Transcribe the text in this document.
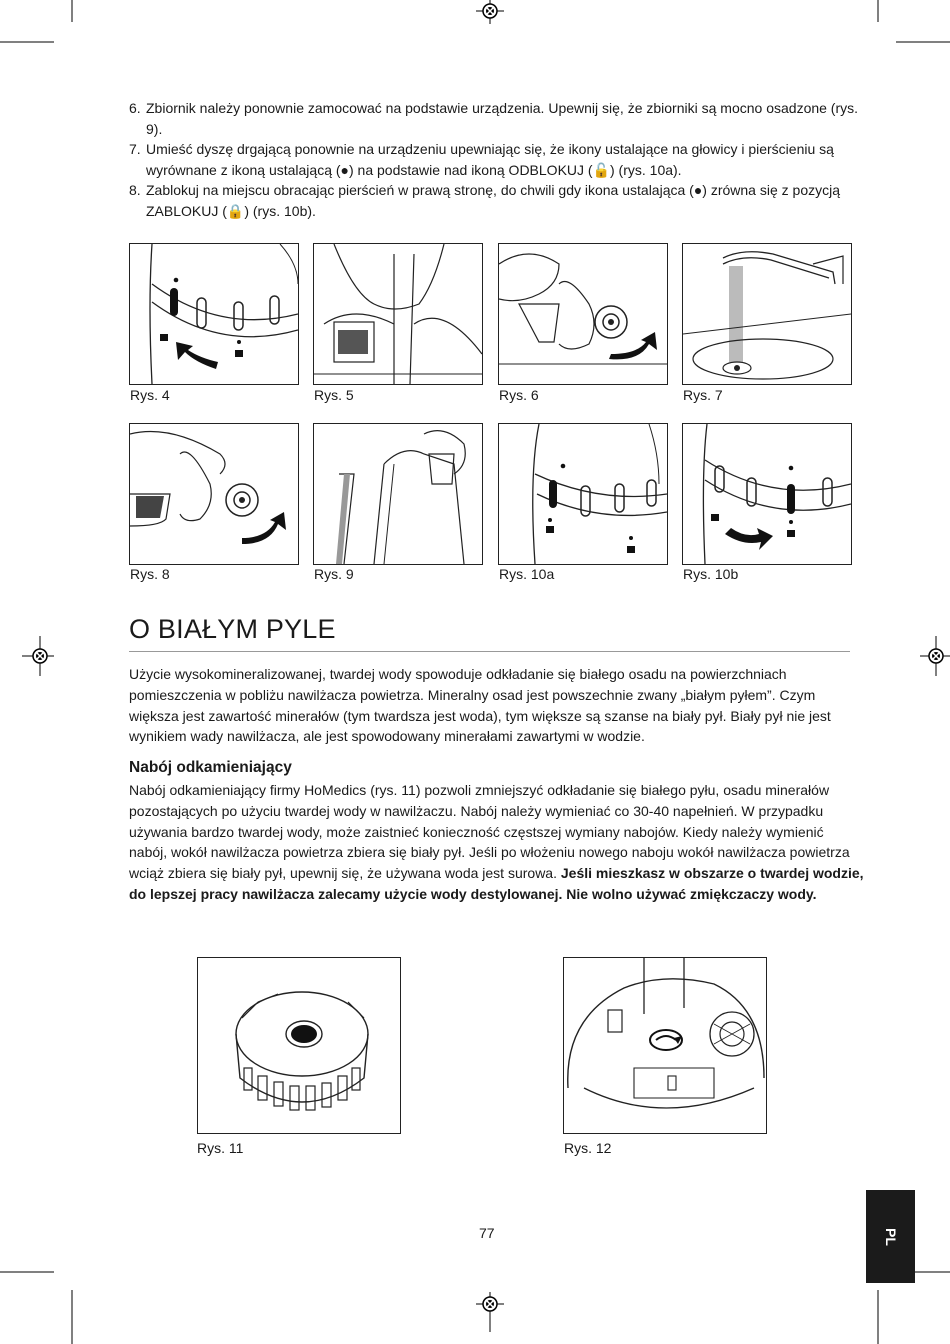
6. Zbiornik należy ponownie zamocować na podstawie urządzenia. Upewnij się, że zbiorniki są mocno osadzone (rys. 9).
7. Umieść dyszę drgającą ponownie na urządzeniu upewniając się, że ikony ustalające na głowicy i pierścieniu są wyrównane z ikoną ustalającą (●) na podstawie nad ikoną ODBLOKUJ (🔓) (rys. 10a).
8. Zablokuj na miejscu obracając pierścień w prawą stronę, do chwili gdy ikona ustalająca (●) zrówna się z pozycją ZABLOKUJ (🔒) (rys. 10b).
Rys. 4	Rys. 5	Rys. 6	Rys. 7
Rys. 8	Rys. 9	Rys. 10a	Rys. 10b
O BIAŁYM PYLE

Użycie wysokomineralizowanej, twardej wody spowoduje odkładanie się białego osadu na powierzchniach pomieszczenia w pobliżu nawilżacza powietrza. Mineralny osad jest powszechnie zwany „białym pyłem”. Czym większa jest zawartość minerałów (tym twardsza jest woda), tym większe są szanse na biały pył. Biały pył nie jest wynikiem wady nawilżacza, ale jest spowodowany minerałami zawartymi w wodzie.

Nabój odkamieniający

Nabój odkamieniający firmy HoMedics (rys. 11) pozwoli zmniejszyć odkładanie się białego pyłu, osadu minerałów pozostających po użyciu twardej wody w nawilżaczu. Nabój należy wymieniać co 30-40 napełnień. W przypadku używania bardzo twardej wody, może zaistnieć konieczność częstszej wymiany nabojów. Kiedy należy wymienić nabój, wokół nawilżacza powietrza zbiera się biały pył. Jeśli po włożeniu nowego naboju wokół nawilżacza powietrza wciąż zbiera się biały pył, upewnij się, że używana woda jest surowa. Jeśli mieszkasz w obszarze o twardej wodzie, do lepszej pracy nawilżacza zalecamy użycie wody destylowanej. Nie wolno używać zmiękczaczy wody.

Rys. 11	Rys. 12
77	PL
